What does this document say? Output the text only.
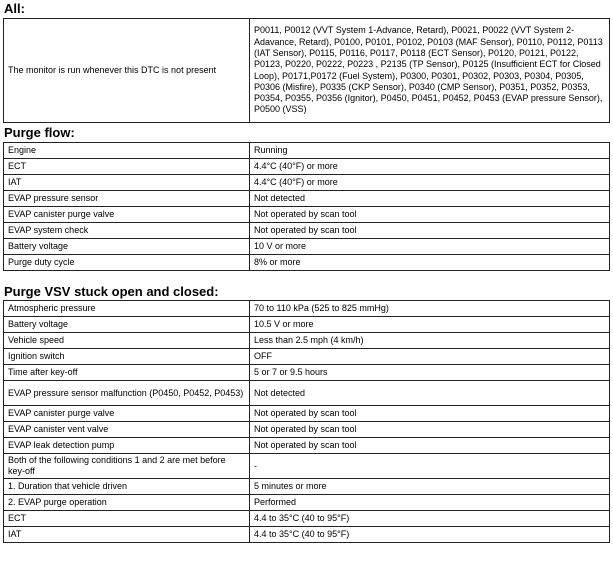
All:
The monitor is run whenever this DTC is not present	P0011, P0012 (VVT System 1-Advance, Retard), P0021, P0022 (VVT System 2-Adavance, Retard), P0100, P0101, P0102, P0103 (MAF Sensor), P0110, P0112, P0113 (IAT Sensor), P0115, P0116, P0117, P0118 (ECT Sensor), P0120, P0121, P0122, P0123, P0220, P0222, P0223 , P2135 (TP Sensor), P0125 (Insufficient ECT for Closed Loop), P0171,P0172 (Fuel System), P0300, P0301, P0302, P0303, P0304, P0305, P0306 (Misfire), P0335 (CKP Sensor), P0340 (CMP Sensor), P0351, P0352, P0353, P0354, P0355, P0356 (Ignitor), P0450, P0451, P0452, P0453 (EVAP pressure Sensor), P0500 (VSS)
Purge flow:
Engine	Running
ECT	4.4°C (40°F) or more
IAT	4.4°C (40°F) or more
EVAP pressure sensor	Not detected
EVAP canister purge valve	Not operated by scan tool
EVAP system check	Not operated by scan tool
Battery voltage	10 V or more
Purge duty cycle	8% or more
Purge VSV stuck open and closed:
Atmospheric pressure	70 to 110 kPa (525 to 825 mmHg)
Battery voltage	10.5 V or more
Vehicle speed	Less than 2.5 mph (4 km/h)
Ignition switch	OFF
Time after key-off	5 or 7 or 9.5 hours
EVAP pressure sensor malfunction (P0450, P0452, P0453)	Not detected
EVAP canister purge valve	Not operated by scan tool
EVAP canister vent valve	Not operated by scan tool
EVAP leak detection pump	Not operated by scan tool
Both of the following conditions 1 and 2 are met before key-off	-
1. Duration that vehicle driven	5 minutes or more
2. EVAP purge operation	Performed
ECT	4.4 to 35°C (40 to 95°F)
IAT	4.4 to 35°C (40 to 95°F)
